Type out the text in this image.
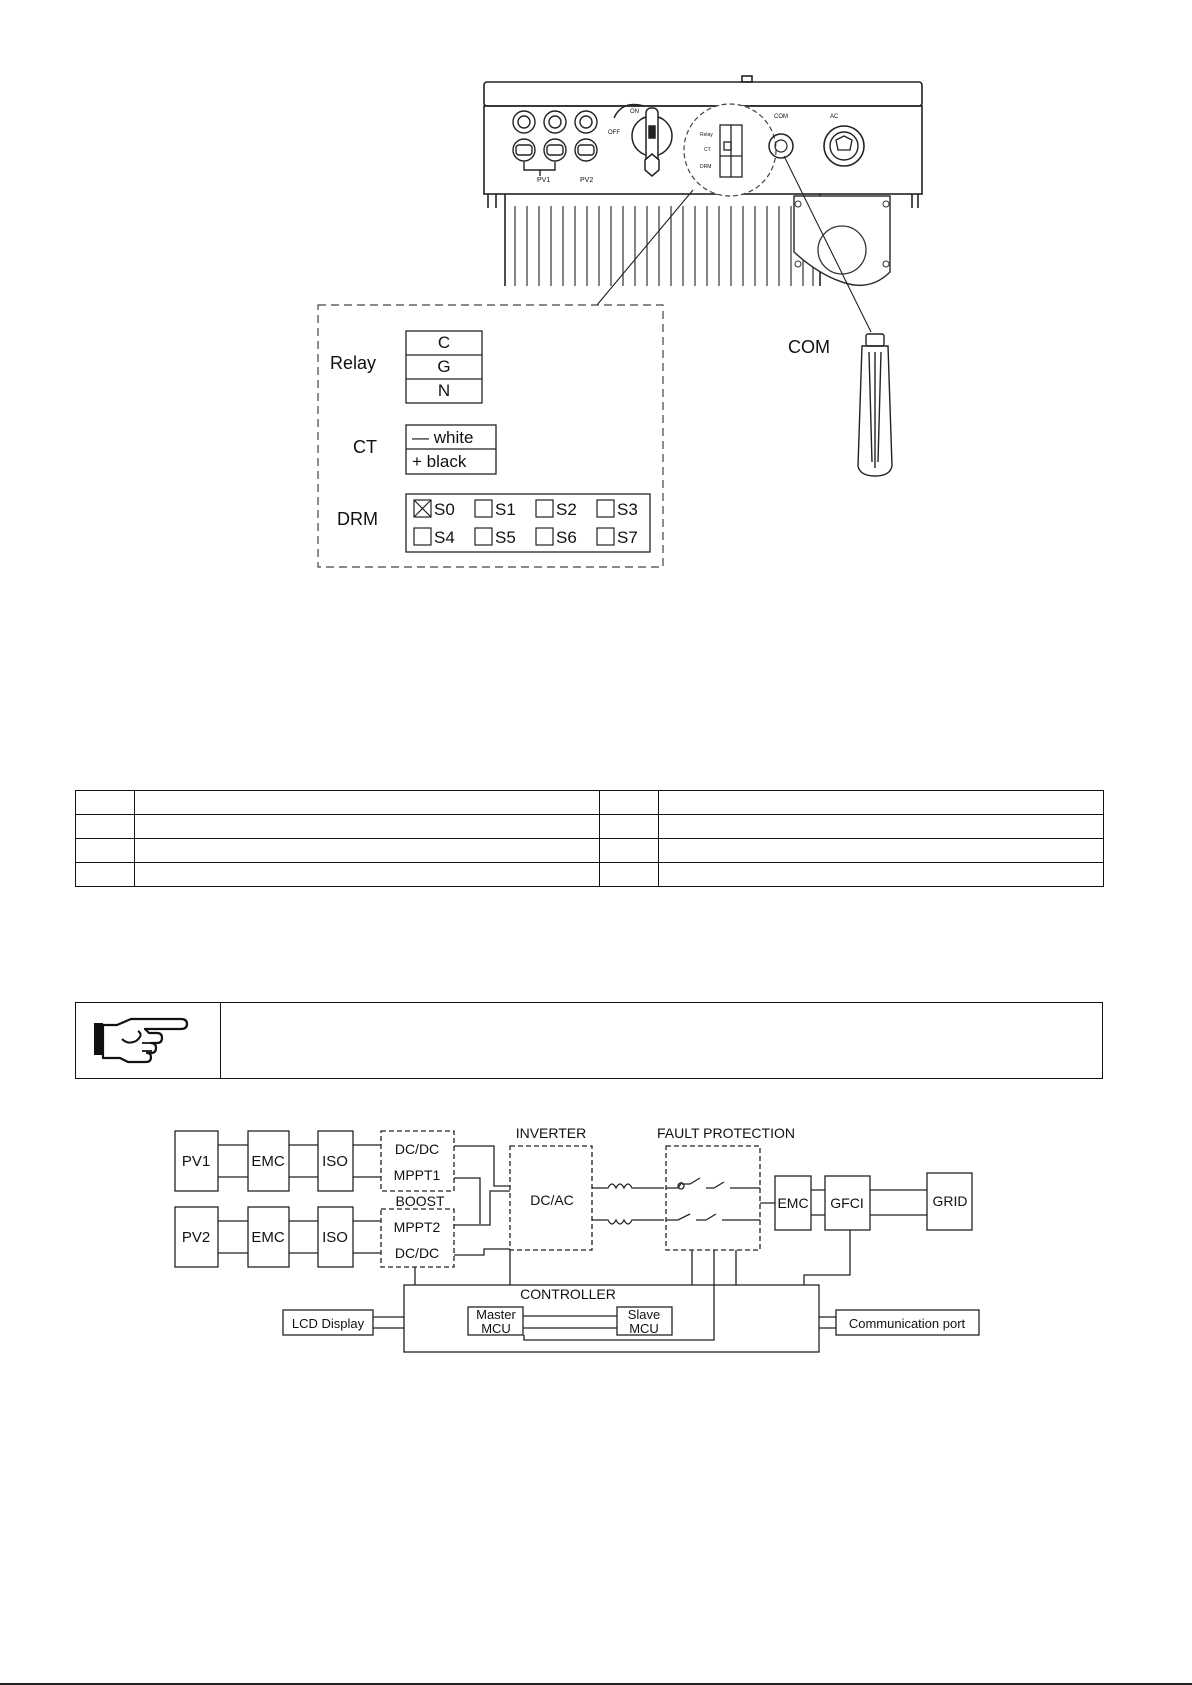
PV1	PV2
ON
OFF	Relay
CT
DRM
COM	AC
COM
Relay
C
G
N
CT — white
+ black
DRM	S0 S1 S2 S3
S4 S5 S6 S7

PV1	EMC ISO
PV2	EMC ISO
DC/DC
MPPT1
BOOST
MPPT2
DC/DC
INVERTER
DC/AC
FAULT PROTECTION
EMC GFCI	GRID
CONTROLLER
Master
MCU
Slave
MCU
LCD Display	Communication port
